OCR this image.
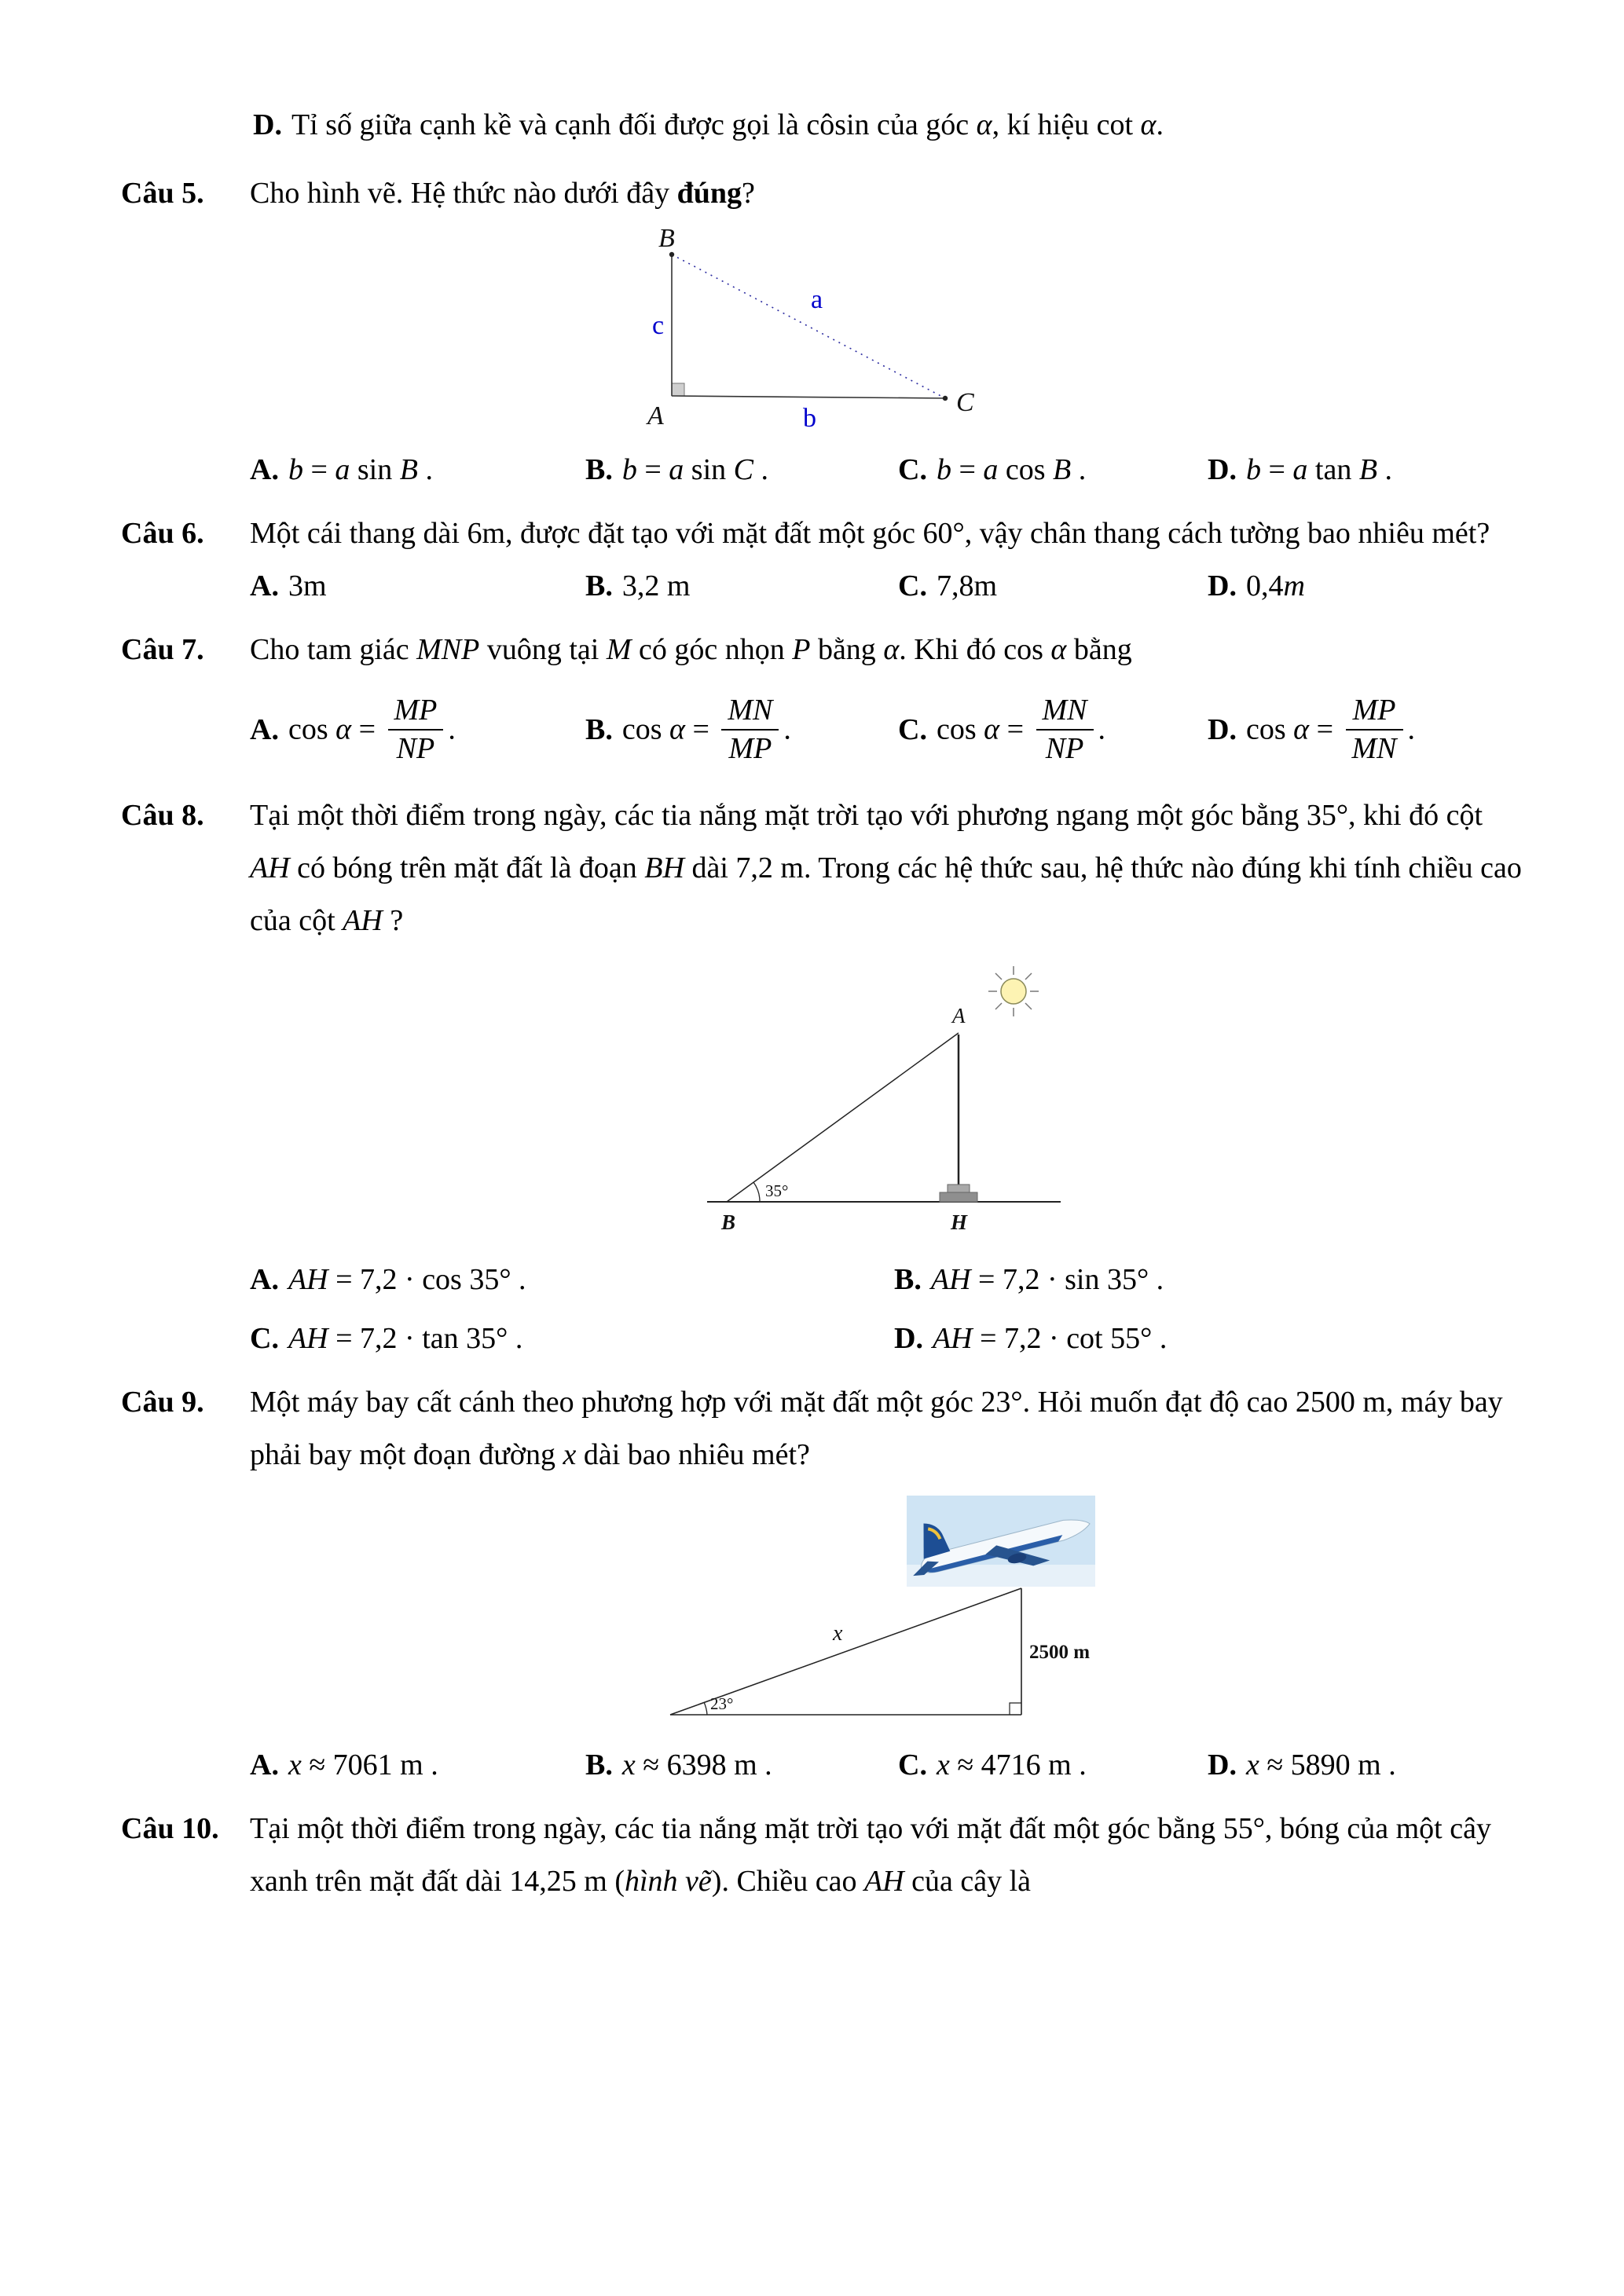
D. Tỉ số giữa cạnh kề và cạnh đối được gọi là côsin của góc α, kí hiệu cot α.
Câu 5.	Cho hình vẽ. Hệ thức nào dưới đây đúng?

B
A	C
c
a
b
A. b = a sin B .	B. b = a sin C .	C. b = a cos B .	D. b = a tan B .
Câu 6.	Một cái thang dài 6m, được đặt tạo với mặt đất một góc 60°, vậy chân thang cách tường bao nhiêu mét?

A. 3m	B. 3,2 m	C. 7,8m	D. 0,4m
Câu 7.	Cho tam giác MNP vuông tại M có góc nhọn P bằng α. Khi đó cos α bằng

A. $\cos \alpha = \frac{MP}{NP}$ .	B. $\cos \alpha = \frac{MN}{MP}$ .	C. $\cos \alpha = \frac{MN}{NP}$ .	D. $\cos \alpha = \frac{MP}{MN}$ .
Câu 8.	Tại một thời điểm trong ngày, các tia nắng mặt trời tạo với phương ngang một góc bằng 35°, khi đó cột AH có bóng trên mặt đất là đoạn BH dài 7,2 m. Trong các hệ thức sau, hệ thức nào đúng khi tính chiều cao của cột AH ?

35°
A
B	H
A. AH = 7,2 · cos 35° .	B. AH = 7,2 · sin 35° .
C. AH = 7,2 · tan 35° .	D. AH = 7,2 · cot 55° .
Câu 9.	Một máy bay cất cánh theo phương hợp với mặt đất một góc 23°. Hỏi muốn đạt độ cao 2500 m, máy bay phải bay một đoạn đường x dài bao nhiêu mét?

23°
x
2500 m
A. x ≈ 7061 m .	B. x ≈ 6398 m .	C. x ≈ 4716 m .	D. x ≈ 5890 m .
Câu 10.	Tại một thời điểm trong ngày, các tia nắng mặt trời tạo với mặt đất một góc bằng 55°, bóng của một cây xanh trên mặt đất dài 14,25 m (hình vẽ). Chiều cao AH của cây là
